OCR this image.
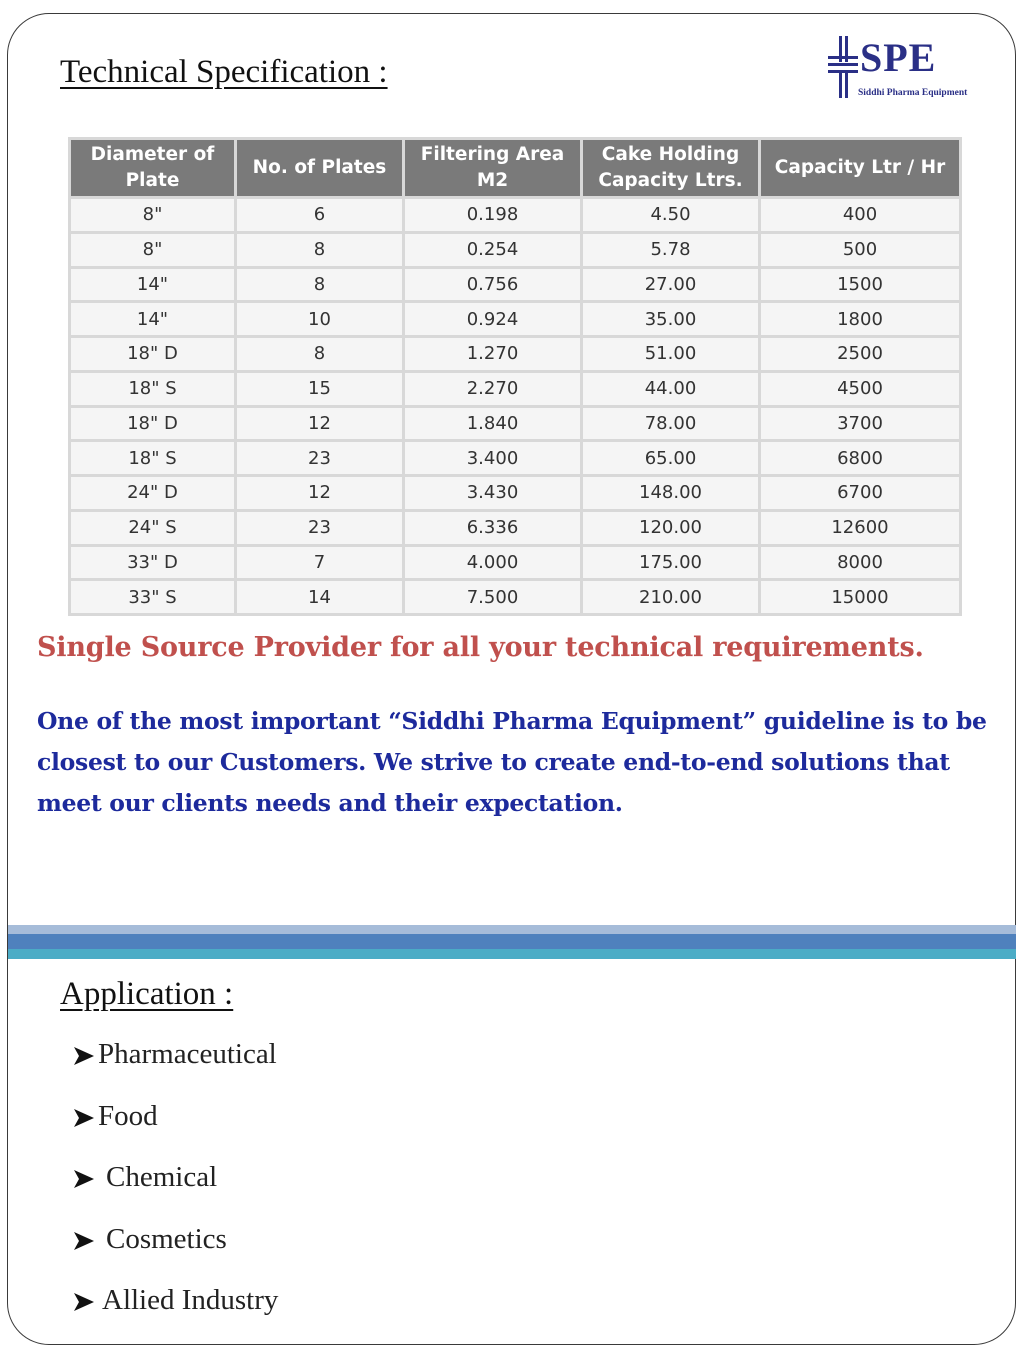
Technical Specification :	SPE
Siddhi Pharma Equipment
Diameter of Plate	No. of Plates	Filtering Area M2	Cake Holding Capacity Ltrs.	Capacity Ltr / Hr
8"	6	0.198	4.50	400
8"	8	0.254	5.78	500
14"	8	0.756	27.00	1500
14"	10	0.924	35.00	1800
18" D	8	1.270	51.00	2500
18" S	15	2.270	44.00	4500
18" D	12	1.840	78.00	3700
18" S	23	3.400	65.00	6800
24" D	12	3.430	148.00	6700
24" S	23	6.336	120.00	12600
33" D	7	4.000	175.00	8000
33" S	14	7.500	210.00	15000
Single Source Provider for all your technical requirements.
One of the most important “Siddhi Pharma Equipment” guideline is to be closest to our Customers. We strive to create end-to-end solutions that meet our clients needs and their expectation.
Application :
Pharmaceutical
Food
Chemical
Cosmetics
Allied Industry
